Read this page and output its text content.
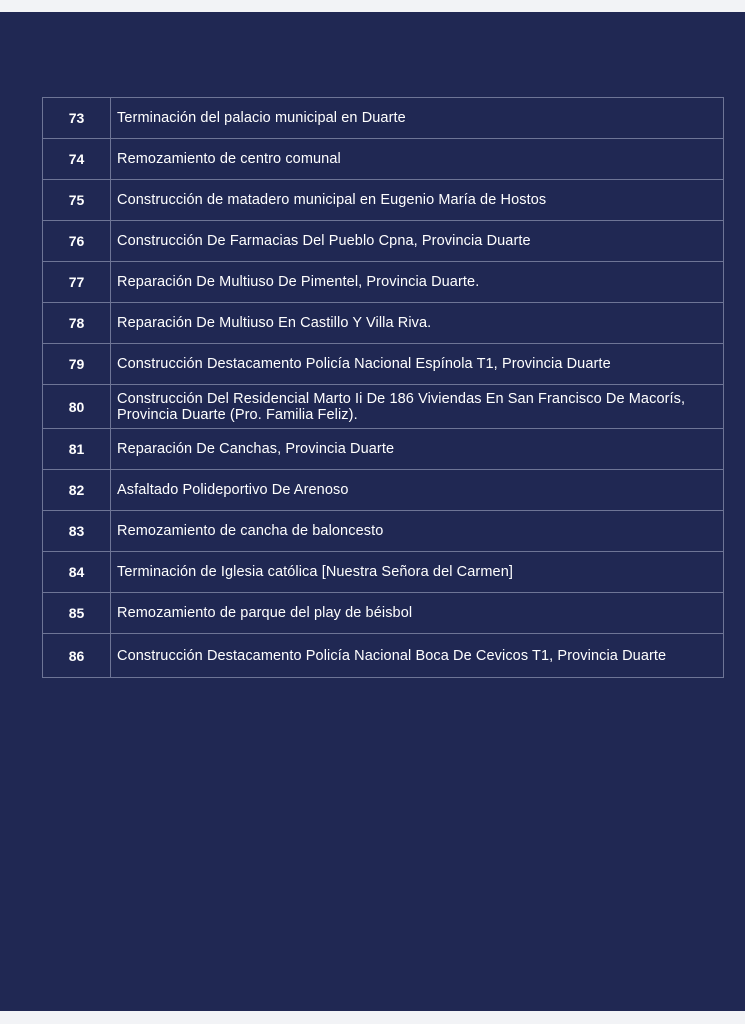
73	Terminación del palacio municipal en Duarte
74	Remozamiento de centro comunal
75	Construcción de matadero municipal en Eugenio María de Hostos
76	Construcción De Farmacias Del Pueblo Cpna, Provincia Duarte
77	Reparación De Multiuso De Pimentel, Provincia Duarte.
78	Reparación De Multiuso En Castillo Y Villa Riva.
79	Construcción Destacamento Policía Nacional Espínola T1, Provincia Duarte
80	Construcción Del Residencial Marto Ii De 186 Viviendas En San Francisco De Macorís, Provincia Duarte (Pro. Familia Feliz).
81	Reparación De Canchas, Provincia Duarte
82	Asfaltado Polideportivo De Arenoso
83	Remozamiento de cancha de baloncesto
84	Terminación de Iglesia católica [Nuestra Señora del Carmen]
85	Remozamiento de parque del play de béisbol
86	Construcción Destacamento Policía Nacional Boca De Cevicos T1, Provincia Duarte
